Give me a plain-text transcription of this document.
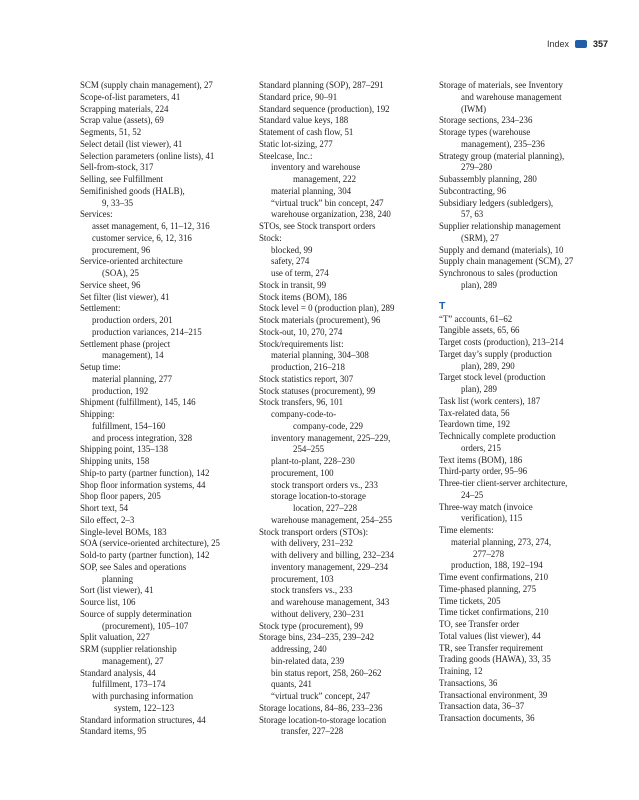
Index	357
SCM (supply chain management), 27
Scope-of-list parameters, 41
Scrapping materials, 224
Scrap value (assets), 69
Segments, 51, 52
Select detail (list viewer), 41
Selection parameters (online lists), 41
Sell-from-stock, 317
Selling, see Fulfillment
Semifinished goods (HALB),
9, 33–35
Services:
asset management, 6, 11–12, 316
customer service, 6, 12, 316
procurement, 96
Service-oriented architecture
(SOA), 25
Service sheet, 96
Set filter (list viewer), 41
Settlement:
production orders, 201
production variances, 214–215
Settlement phase (project
management), 14
Setup time:
material planning, 277
production, 192
Shipment (fulfillment), 145, 146
Shipping:
fulfillment, 154–160
and process integration, 328
Shipping point, 135–138
Shipping units, 158
Ship-to party (partner function), 142
Shop floor information systems, 44
Shop floor papers, 205
Short text, 54
Silo effect, 2–3
Single-level BOMs, 183
SOA (service-oriented architecture), 25
Sold-to party (partner function), 142
SOP, see Sales and operations
planning
Sort (list viewer), 41
Source list, 106
Source of supply determination
(procurement), 105–107
Split valuation, 227
SRM (supplier relationship
management), 27
Standard analysis, 44
fulfillment, 173–174
with purchasing information
system, 122–123
Standard information structures, 44
Standard items, 95
Standard planning (SOP), 287–291
Standard price, 90–91
Standard sequence (production), 192
Standard value keys, 188
Statement of cash flow, 51
Static lot-sizing, 277
Steelcase, Inc.:
inventory and warehouse
management, 222
material planning, 304
“virtual truck” bin concept, 247
warehouse organization, 238, 240
STOs, see Stock transport orders
Stock:
blocked, 99
safety, 274
use of term, 274
Stock in transit, 99
Stock items (BOM), 186
Stock level = 0 (production plan), 289
Stock materials (procurement), 96
Stock-out, 10, 270, 274
Stock/requirements list:
material planning, 304–308
production, 216–218
Stock statistics report, 307
Stock statuses (procurement), 99
Stock transfers, 96, 101
company-code-to-
company-code, 229
inventory management, 225–229,
254–255
plant-to-plant, 228–230
procurement, 100
stock transport orders vs., 233
storage location-to-storage
location, 227–228
warehouse management, 254–255
Stock transport orders (STOs):
with delivery, 231–232
with delivery and billing, 232–234
inventory management, 229–234
procurement, 103
stock transfers vs., 233
and warehouse management, 343
without delivery, 230–231
Stock type (procurement), 99
Storage bins, 234–235, 239–242
addressing, 240
bin-related data, 239
bin status report, 258, 260–262
quants, 241
“virtual truck” concept, 247
Storage locations, 84–86, 233–236
Storage location-to-storage location
transfer, 227–228
Storage of materials, see Inventory
and warehouse management
(IWM)
Storage sections, 234–236
Storage types (warehouse
management), 235–236
Strategy group (material planning),
279–280
Subassembly planning, 280
Subcontracting, 96
Subsidiary ledgers (subledgers),
57, 63
Supplier relationship management
(SRM), 27
Supply and demand (materials), 10
Supply chain management (SCM), 27
Synchronous to sales (production
plan), 289
T
“T” accounts, 61–62
Tangible assets, 65, 66
Target costs (production), 213–214
Target day’s supply (production
plan), 289, 290
Target stock level (production
plan), 289
Task list (work centers), 187
Tax-related data, 56
Teardown time, 192
Technically complete production
orders, 215
Text items (BOM), 186
Third-party order, 95–96
Three-tier client-server architecture,
24–25
Three-way match (invoice
verification), 115
Time elements:
material planning, 273, 274,
277–278
production, 188, 192–194
Time event confirmations, 210
Time-phased planning, 275
Time tickets, 205
Time ticket confirmations, 210
TO, see Transfer order
Total values (list viewer), 44
TR, see Transfer requirement
Trading goods (HAWA), 33, 35
Training, 12
Transactions, 36
Transactional environment, 39
Transaction data, 36–37
Transaction documents, 36
